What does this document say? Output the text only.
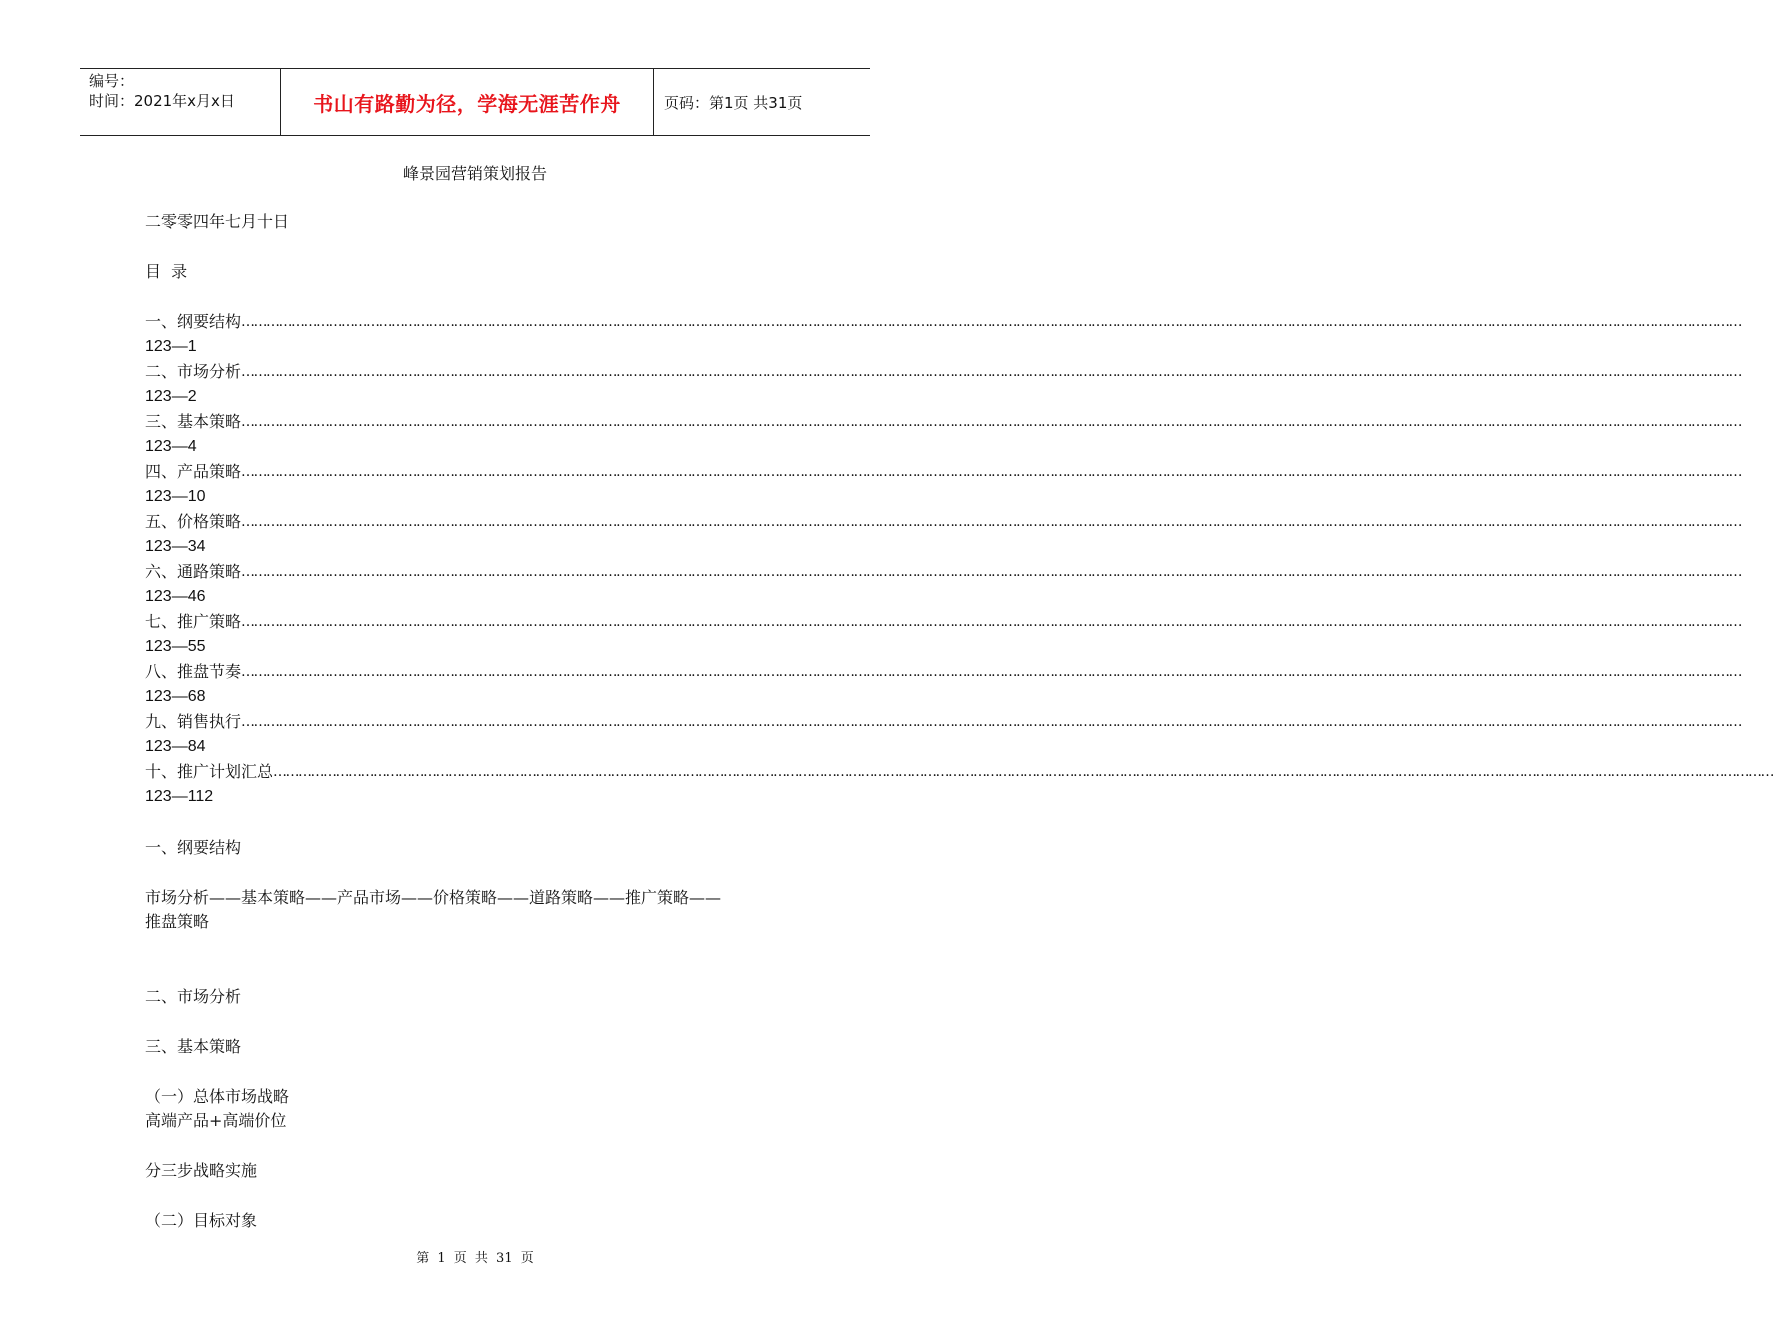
编号：
时间：2021年x月x日	书山有路勤为径，学海无涯苦作舟	页码：第1页 共31页
峰景园营销策划报告
二零零四年七月十日
目  录
一、纲要结构 ………………………………………………………………………………………………………………………………………………………………………………………………………………………………………………………………………………………………………………………………
123—1
二、市场分析 ………………………………………………………………………………………………………………………………………………………………………………………………………………………………………………………………………………………………………………………………
123—2
三、基本策略 ………………………………………………………………………………………………………………………………………………………………………………………………………………………………………………………………………………………………………………………………
123—4
四、产品策略 ………………………………………………………………………………………………………………………………………………………………………………………………………………………………………………………………………………………………………………………………
123—10
五、价格策略 ………………………………………………………………………………………………………………………………………………………………………………………………………………………………………………………………………………………………………………………………
123—34
六、通路策略 ………………………………………………………………………………………………………………………………………………………………………………………………………………………………………………………………………………………………………………………………
123—46
七、推广策略 ………………………………………………………………………………………………………………………………………………………………………………………………………………………………………………………………………………………………………………………………
123—55
八、推盘节奏 ………………………………………………………………………………………………………………………………………………………………………………………………………………………………………………………………………………………………………………………………
123—68
九、销售执行 ………………………………………………………………………………………………………………………………………………………………………………………………………………………………………………………………………………………………………………………………
123—84
十、推广计划汇总 ………………………………………………………………………………………………………………………………………………………………………………………………………………………………………………………………………………………………………………………………
123—112
一、纲要结构
市场分析——基本策略——产品市场——价格策略——道路策略——推广策略——
推盘策略
二、市场分析
三、基本策略
（一）总体市场战略
高端产品+高端价位
分三步战略实施
（二）目标对象
第 1 页 共 31 页
